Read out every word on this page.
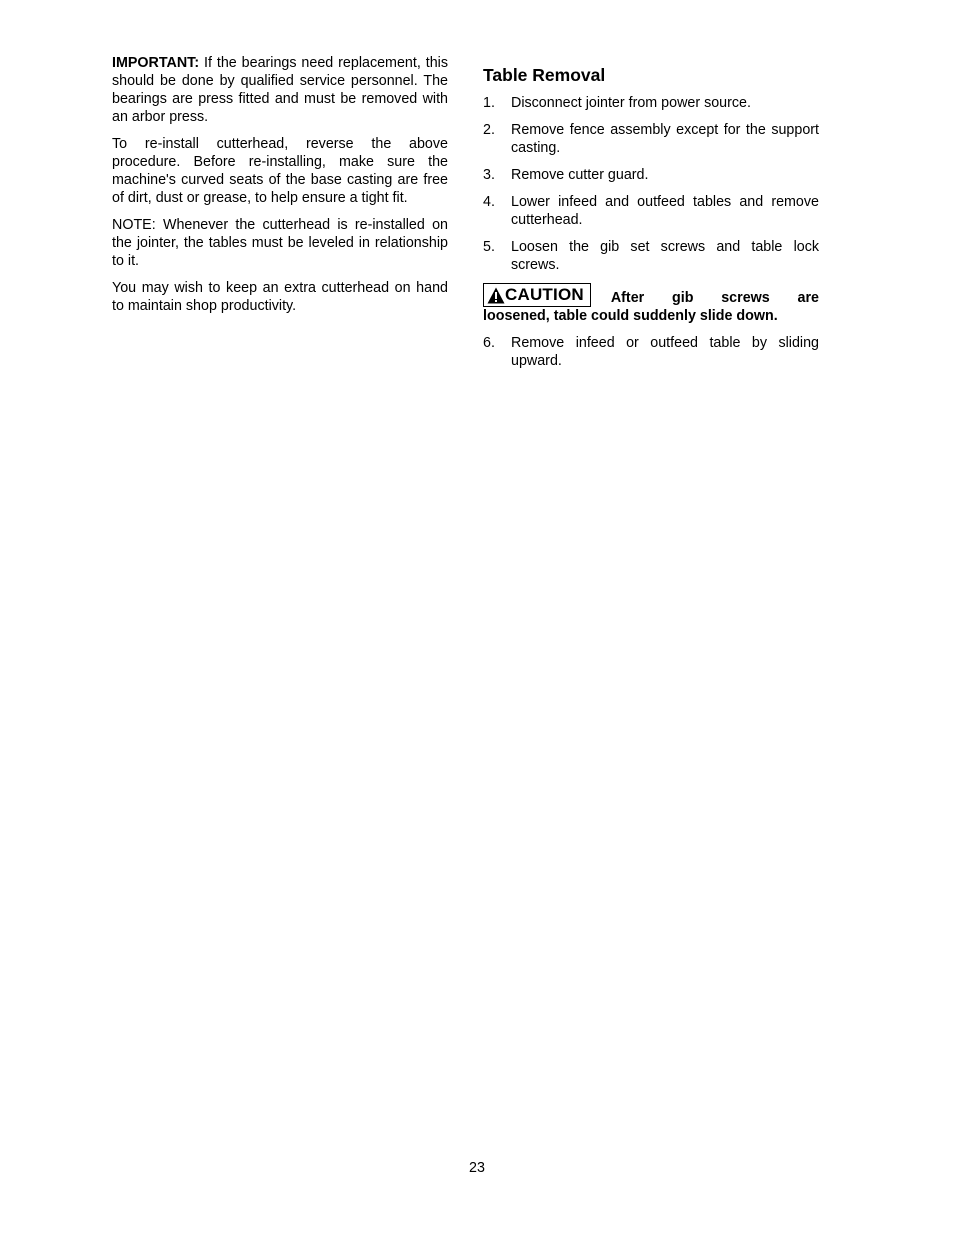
IMPORTANT: If the bearings need replacement, this should be done by qualified service personnel. The bearings are press fitted and must be removed with an arbor press.

To re-install cutterhead, reverse the above procedure. Before re-installing, make sure the machine's curved seats of the base casting are free of dirt, dust or grease, to help ensure a tight fit.

NOTE: Whenever the cutterhead is re-installed on the jointer, the tables must be leveled in relationship to it.

You may wish to keep an extra cutterhead on hand to maintain shop productivity.

Table Removal
1. Disconnect jointer from power source.
2. Remove fence assembly except for the support casting.
3. Remove cutter guard.
4. Lower infeed and outfeed tables and remove cutterhead.
5. Loosen the gib set screws and table lock screws.
CAUTION After gib screws are
loosened, table could suddenly slide down.
6. Remove infeed or outfeed table by sliding upward.
23
